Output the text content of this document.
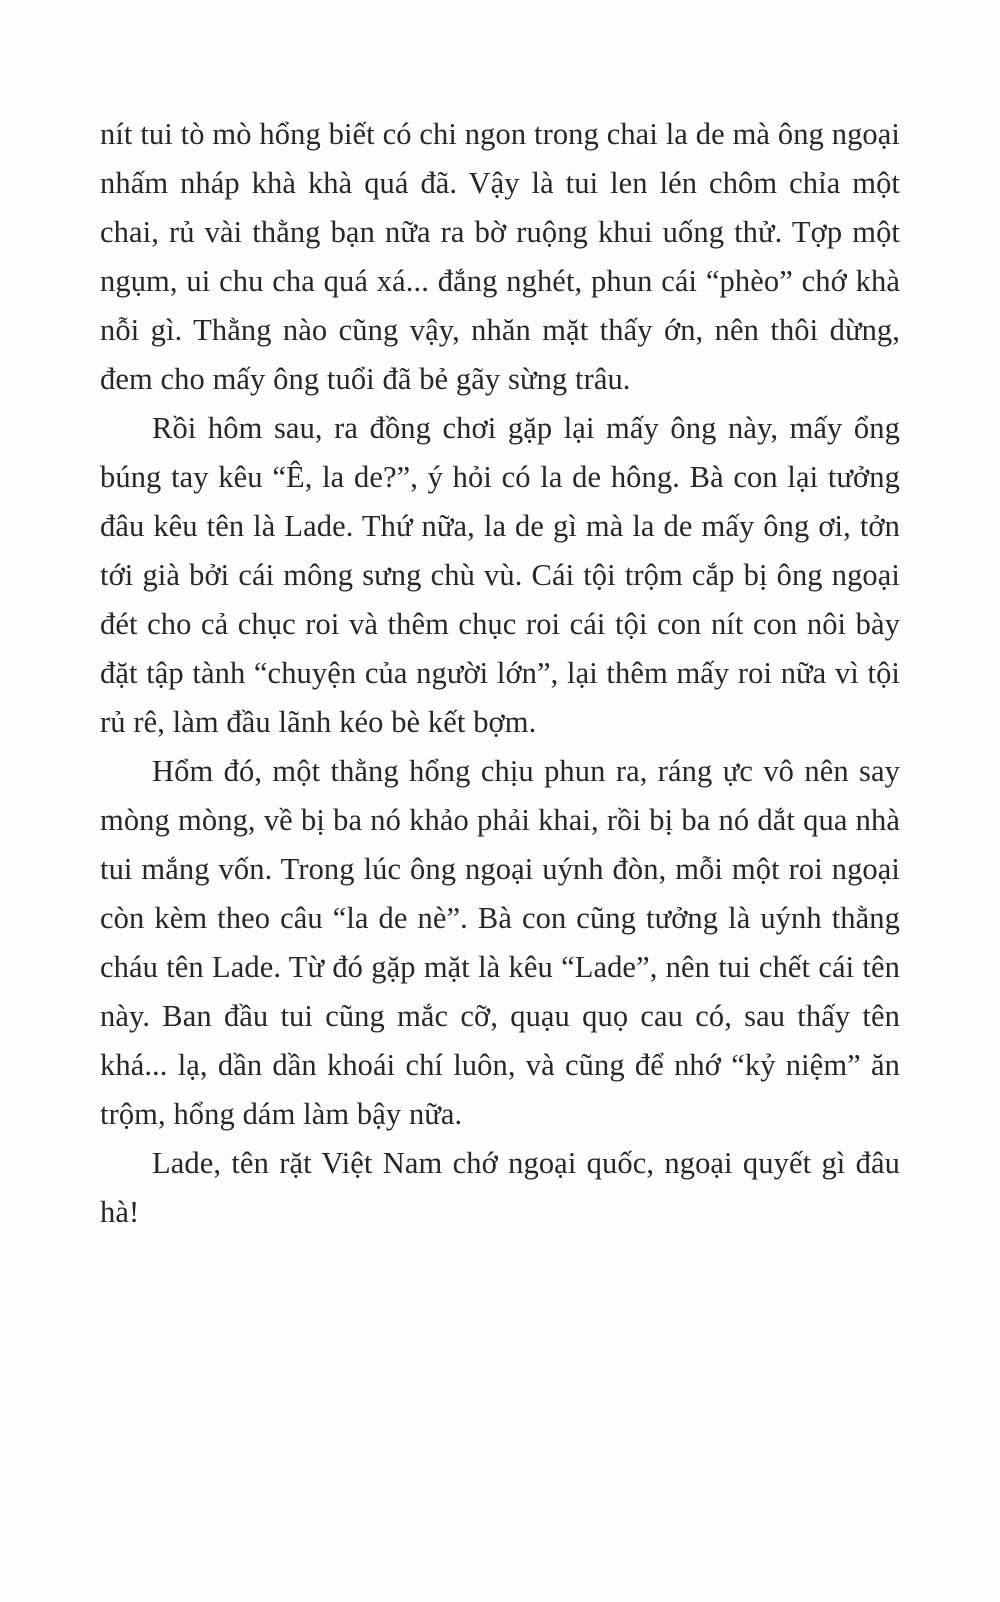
nít tui tò mò hổng biết có chi ngon trong chai la de mà ông ngoại nhấm nháp khà khà quá đã. Vậy là tui len lén chôm chỉa một chai, rủ vài thằng bạn nữa ra bờ ruộng khui uống thử. Tợp một ngụm, ui chu cha quá xá... đắng nghét, phun cái “phèo” chớ khà nỗi gì. Thằng nào cũng vậy, nhăn mặt thấy ớn, nên thôi dừng, đem cho mấy ông tuổi đã bẻ gãy sừng trâu.

Rồi hôm sau, ra đồng chơi gặp lại mấy ông này, mấy ổng búng tay kêu “Ê, la de?”, ý hỏi có la de hông. Bà con lại tưởng đâu kêu tên là Lade. Thứ nữa, la de gì mà la de mấy ông ơi, tởn tới già bởi cái mông sưng chù vù. Cái tội trộm cắp bị ông ngoại đét cho cả chục roi và thêm chục roi cái tội con nít con nôi bày đặt tập tành “chuyện của người lớn”, lại thêm mấy roi nữa vì tội rủ rê, làm đầu lãnh kéo bè kết bợm.

Hổm đó, một thằng hổng chịu phun ra, ráng ực vô nên say mòng mòng, về bị ba nó khảo phải khai, rồi bị ba nó dắt qua nhà tui mắng vốn. Trong lúc ông ngoại uýnh đòn, mỗi một roi ngoại còn kèm theo câu “la de nè”. Bà con cũng tưởng là uýnh thằng cháu tên Lade. Từ đó gặp mặt là kêu “Lade”, nên tui chết cái tên này. Ban đầu tui cũng mắc cỡ, quạu quọ cau có, sau thấy tên khá... lạ, dần dần khoái chí luôn, và cũng để nhớ “kỷ niệm” ăn trộm, hổng dám làm bậy nữa.

Lade, tên rặt Việt Nam chớ ngoại quốc, ngoại quyết gì đâu hà!
